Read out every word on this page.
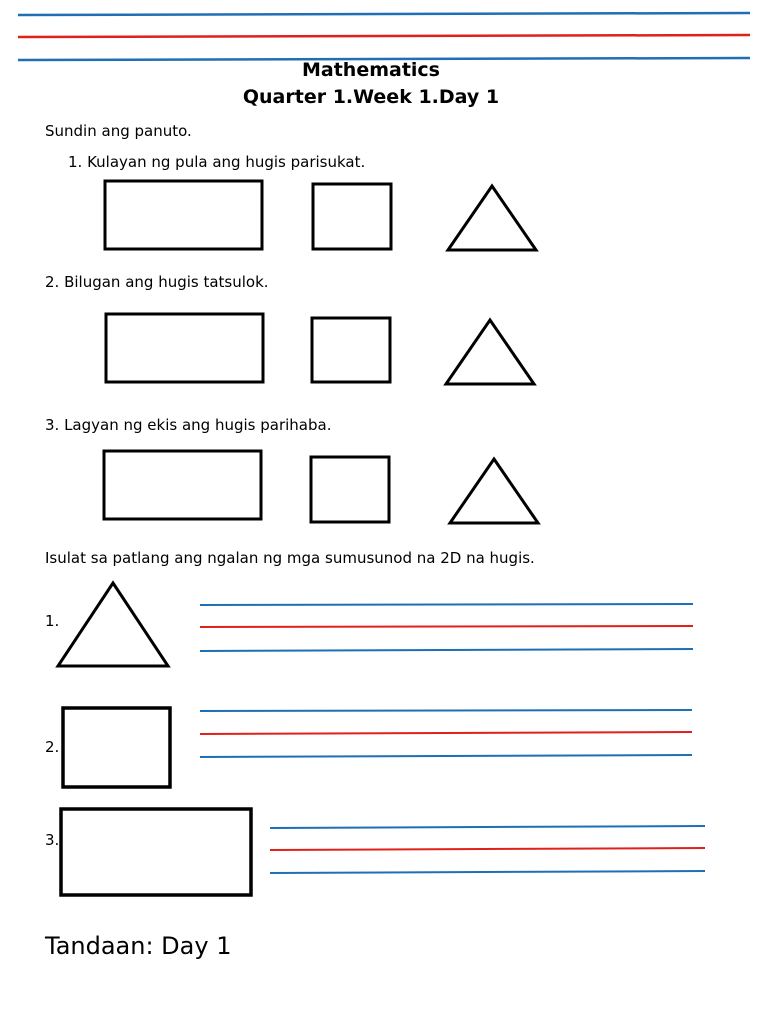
Mathematics
Quarter 1.Week 1.Day 1
Sundin ang panuto.
1. Kulayan ng pula ang hugis parisukat.
2. Bilugan ang hugis tatsulok.
3. Lagyan ng ekis ang hugis parihaba.
Isulat sa patlang ang ngalan ng mga sumusunod na 2D na hugis.
1.
2.
3.
Tandaan: Day 1
